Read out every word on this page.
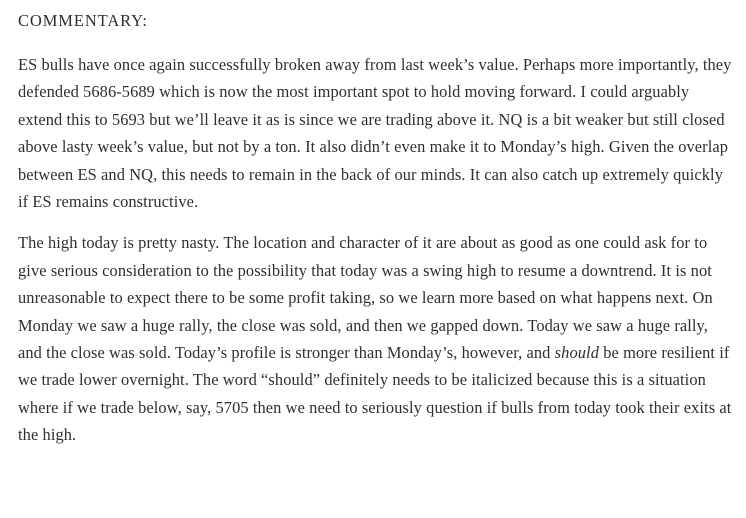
COMMENTARY:

ES bulls have once again successfully broken away from last week’s value. Perhaps more importantly, they defended 5686-5689 which is now the most important spot to hold moving forward. I could arguably extend this to 5693 but we’ll leave it as is since we are trading above it. NQ is a bit weaker but still closed above lasty week’s value, but not by a ton. It also didn’t even make it to Monday’s high. Given the overlap between ES and NQ, this needs to remain in the back of our minds. It can also catch up extremely quickly if ES remains constructive.

The high today is pretty nasty. The location and character of it are about as good as one could ask for to give serious consideration to the possibility that today was a swing high to resume a downtrend. It is not unreasonable to expect there to be some profit taking, so we learn more based on what happens next. On Monday we saw a huge rally, the close was sold, and then we gapped down. Today we saw a huge rally, and the close was sold. Today’s profile is stronger than Monday’s, however, and should be more resilient if we trade lower overnight. The word “should” definitely needs to be italicized because this is a situation where if we trade below, say, 5705 then we need to seriously question if bulls from today took their exits at the high.
